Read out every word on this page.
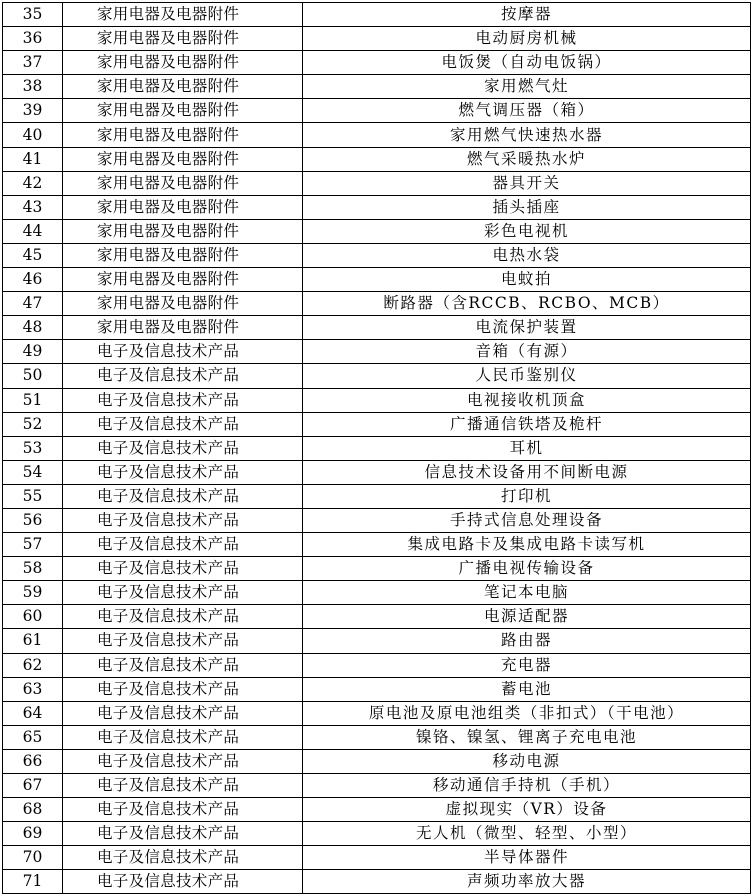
35	家用电器及电器附件	按摩器
36	家用电器及电器附件	电动厨房机械
37	家用电器及电器附件	电饭煲（自动电饭锅）
38	家用电器及电器附件	家用燃气灶
39	家用电器及电器附件	燃气调压器（箱）
40	家用电器及电器附件	家用燃气快速热水器
41	家用电器及电器附件	燃气采暖热水炉
42	家用电器及电器附件	器具开关
43	家用电器及电器附件	插头插座
44	家用电器及电器附件	彩色电视机
45	家用电器及电器附件	电热水袋
46	家用电器及电器附件	电蚊拍
47	家用电器及电器附件	断路器（含RCCB、RCBO、MCB）
48	家用电器及电器附件	电流保护装置
49	电子及信息技术产品	音箱（有源）
50	电子及信息技术产品	人民币鉴别仪
51	电子及信息技术产品	电视接收机顶盒
52	电子及信息技术产品	广播通信铁塔及桅杆
53	电子及信息技术产品	耳机
54	电子及信息技术产品	信息技术设备用不间断电源
55	电子及信息技术产品	打印机
56	电子及信息技术产品	手持式信息处理设备
57	电子及信息技术产品	集成电路卡及集成电路卡读写机
58	电子及信息技术产品	广播电视传输设备
59	电子及信息技术产品	笔记本电脑
60	电子及信息技术产品	电源适配器
61	电子及信息技术产品	路由器
62	电子及信息技术产品	充电器
63	电子及信息技术产品	蓄电池
64	电子及信息技术产品	原电池及原电池组类（非扣式）（干电池）
65	电子及信息技术产品	镍铬、镍氢、锂离子充电电池
66	电子及信息技术产品	移动电源
67	电子及信息技术产品	移动通信手持机（手机）
68	电子及信息技术产品	虚拟现实（VR）设备
69	电子及信息技术产品	无人机（微型、轻型、小型）
70	电子及信息技术产品	半导体器件
71	电子及信息技术产品	声频功率放大器
